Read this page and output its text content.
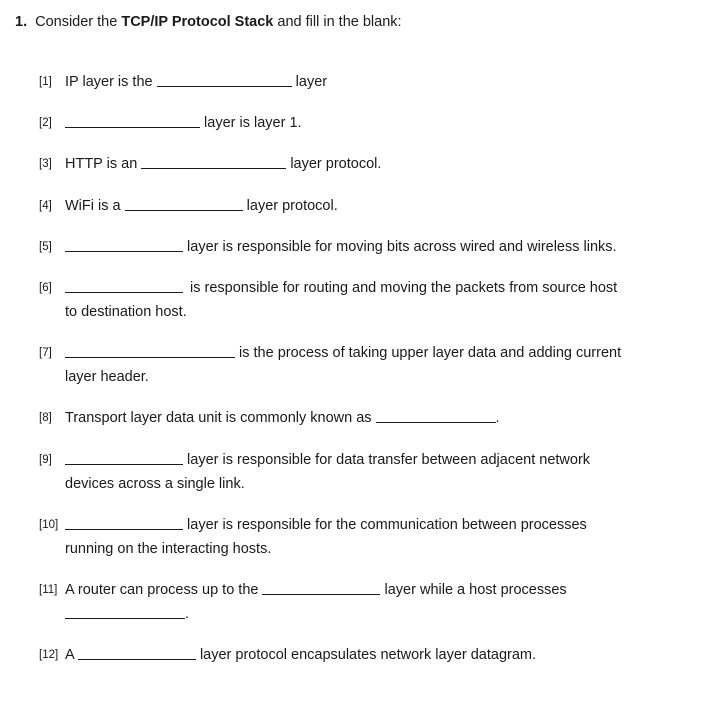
1. Consider the TCP/IP Protocol Stack and fill in the blank:
[1] IP layer is the	layer
[2]	layer is layer 1.
[3] HTTP is an	layer protocol.
[4] WiFi is a	layer protocol.
[5]	layer is responsible for moving bits across wired and wireless links.
[6]	is responsible for routing and moving the packets from source host
to destination host.
[7]	is the process of taking upper layer data and adding current
layer header.
[8] Transport layer data unit is commonly known as	.
[9]	layer is responsible for data transfer between adjacent network
devices across a single link.
[10]	layer is responsible for the communication between processes
running on the interacting hosts.
[11] A router can process up to the	layer while a host processes
.
[12] A	layer protocol encapsulates network layer datagram.
